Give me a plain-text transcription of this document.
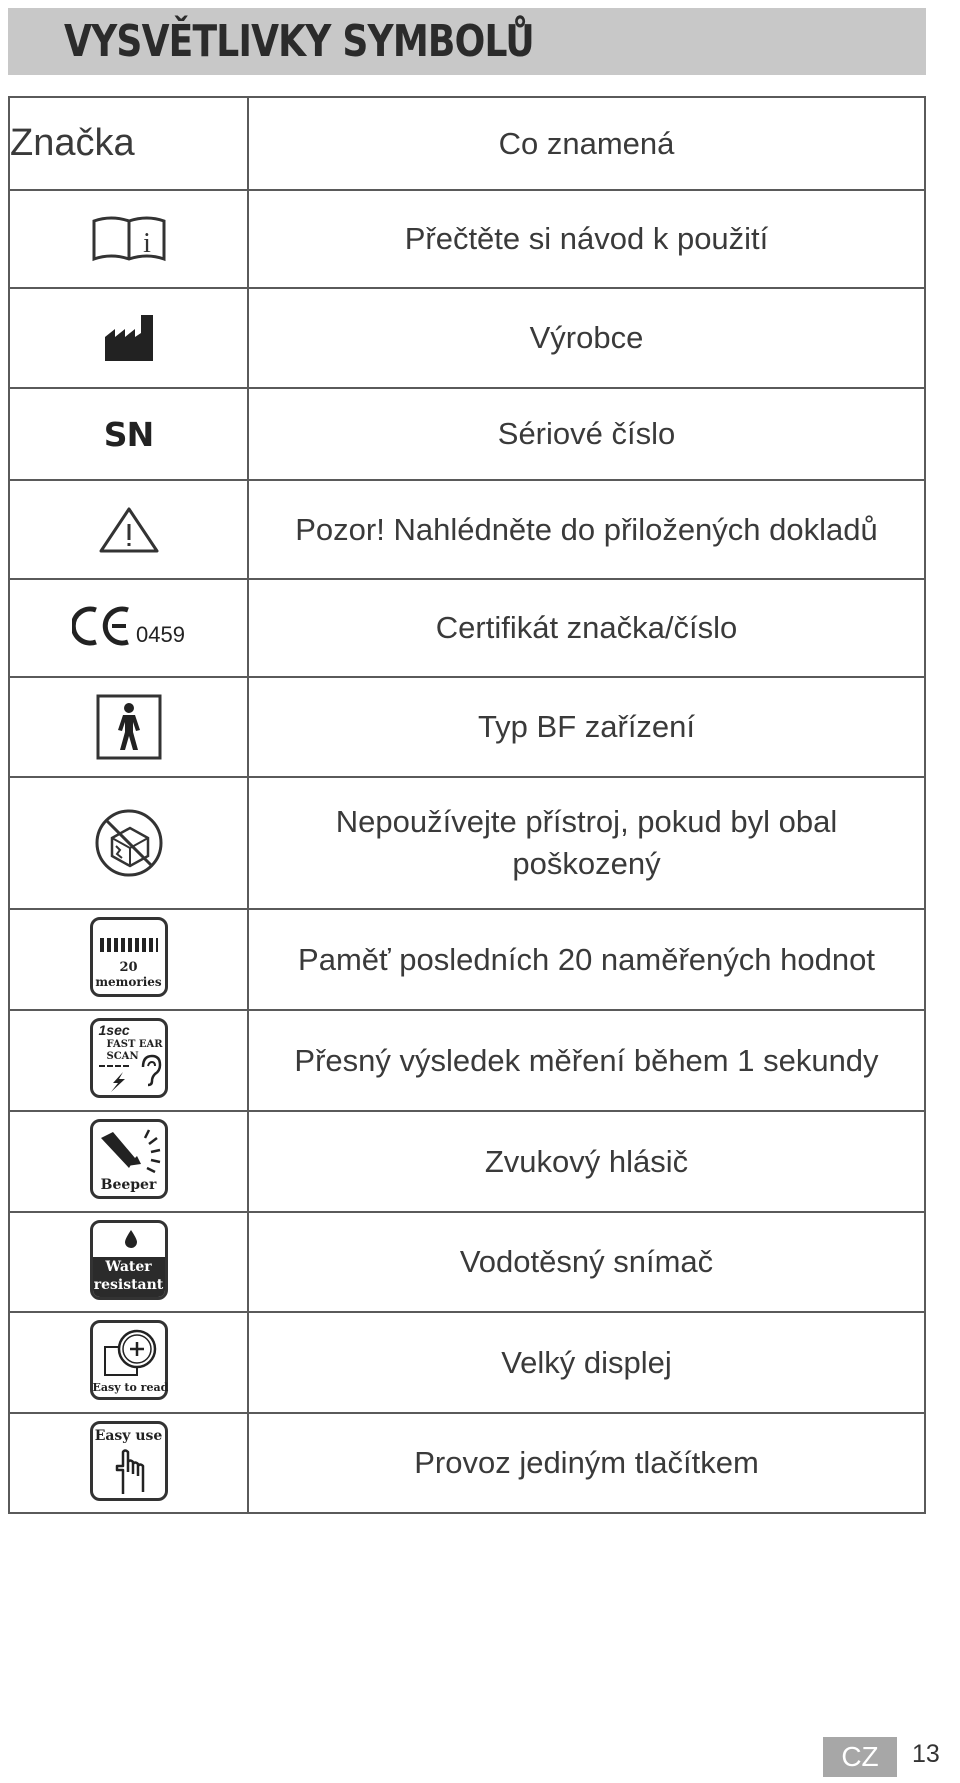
VYSVĚTLIVKY SYMBOLŮ
Značka	Co znamená

i	Přečtěte si návod k použití

	Výrobce
SN	Sériové číslo

	Pozor! Nahlédněte do přiložených dokladů

0459	Certifikát značka/číslo

	Typ BF zařízení

	Nepoužívejte přístroj, pokud byl obal poškozený

20
memories	Paměť posledních 20 naměřených hodnot

1sec
FAST EAR
SCAN	Přesný výsledek měření během 1 sekundy

Beeper	Zvukový hlásič

Water
resistant	Vodotěsný snímač

Easy to read	Velký displej

Easy use	Provoz jediným tlačítkem
CZ	13
